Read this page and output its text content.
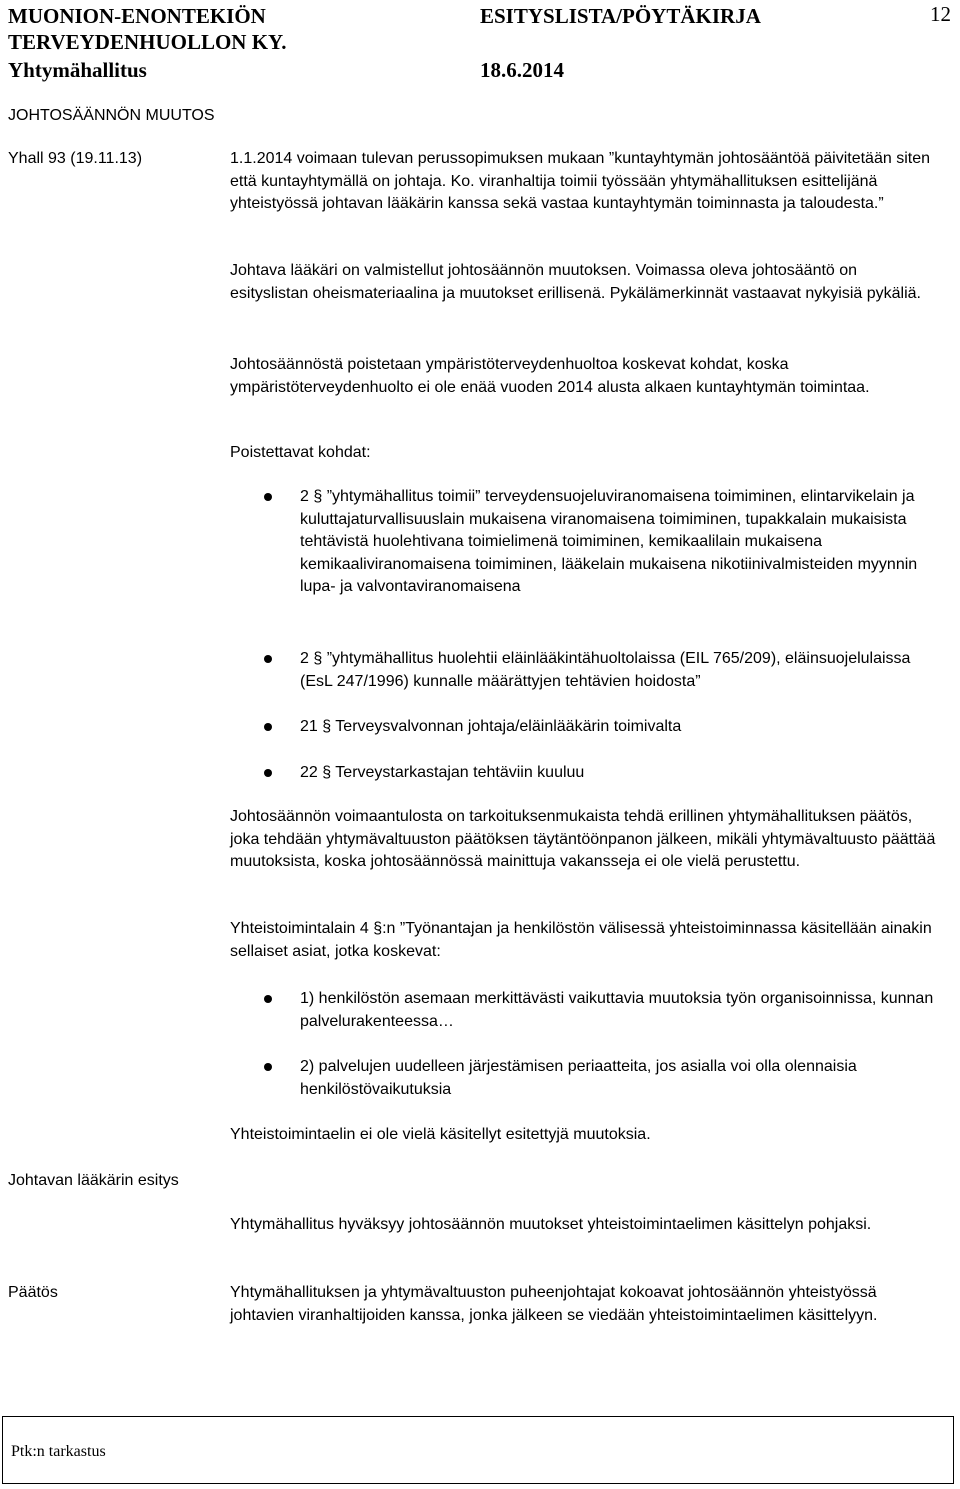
MUONION-ENONTEKIÖN
TERVEYDENHUOLLON KY.
Yhtymähallitus
ESITYSLISTA/PÖYTÄKIRJA
18.6.2014
12
JOHTOSÄÄNNÖN MUUTOS
Yhall 93 (19.11.13)	1.1.2014 voimaan tulevan perussopimuksen mukaan ”kuntayhtymän johtosääntöä päivitetään siten että kuntayhtymällä on johtaja. Ko. viranhaltija toimii työssään yhtymähallituksen esittelijänä yhteistyössä johtavan lääkärin kanssa sekä vastaa kuntayhtymän toiminnasta ja taloudesta.”
Johtava lääkäri on valmistellut johtosäännön muutoksen. Voimassa oleva johtosääntö on esityslistan oheismateriaalina ja muutokset erillisenä. Pykälämerkinnät vastaavat nykyisiä pykäliä.
Johtosäännöstä poistetaan ympäristöterveydenhuoltoa koskevat kohdat, koska ympäristöterveydenhuolto ei ole enää vuoden 2014 alusta alkaen kuntayhtymän toimintaa.
Poistettavat kohdat:
2 § ”yhtymähallitus toimii” terveydensuojeluviranomaisena toimiminen, elintarvikelain ja kuluttajaturvallisuuslain mukaisena viranomaisena toimiminen, tupakkalain mukaisista tehtävistä huolehtivana toimielimenä toimiminen, kemikaalilain mukaisena kemikaaliviranomaisena toimiminen, lääkelain mukaisena nikotiinivalmisteiden myynnin lupa- ja valvontaviranomaisena
2 § ”yhtymähallitus huolehtii eläinlääkintähuoltolaissa (EIL 765/209), eläinsuojelulaissa (EsL 247/1996) kunnalle määrättyjen tehtävien hoidosta”
21 § Terveysvalvonnan johtaja/eläinlääkärin toimivalta
22 § Terveystarkastajan tehtäviin kuuluu
Johtosäännön voimaantulosta on tarkoituksenmukaista tehdä erillinen yhtymähallituksen päätös, joka tehdään yhtymävaltuuston päätöksen täytäntöönpanon jälkeen, mikäli yhtymävaltuusto päättää muutoksista, koska johtosäännössä mainittuja vakansseja ei ole vielä perustettu.
Yhteistoimintalain 4 §:n ”Työnantajan ja henkilöstön välisessä yhteistoiminnassa käsitellään ainakin sellaiset asiat, jotka koskevat:
1) henkilöstön asemaan merkittävästi vaikuttavia muutoksia työn organisoinnissa, kunnan palvelurakenteessa…
2) palvelujen uudelleen järjestämisen periaatteita, jos asialla voi olla olennaisia henkilöstövaikutuksia
Yhteistoimintaelin ei ole vielä käsitellyt esitettyjä muutoksia.
Johtavan lääkärin esitys
Yhtymähallitus hyväksyy johtosäännön muutokset yhteistoimintaelimen käsittelyn pohjaksi.
Päätös	Yhtymähallituksen ja yhtymävaltuuston puheenjohtajat kokoavat johtosäännön yhteistyössä johtavien viranhaltijoiden kanssa, jonka jälkeen se viedään yhteistoimintaelimen käsittelyyn.
Ptk:n tarkastus
